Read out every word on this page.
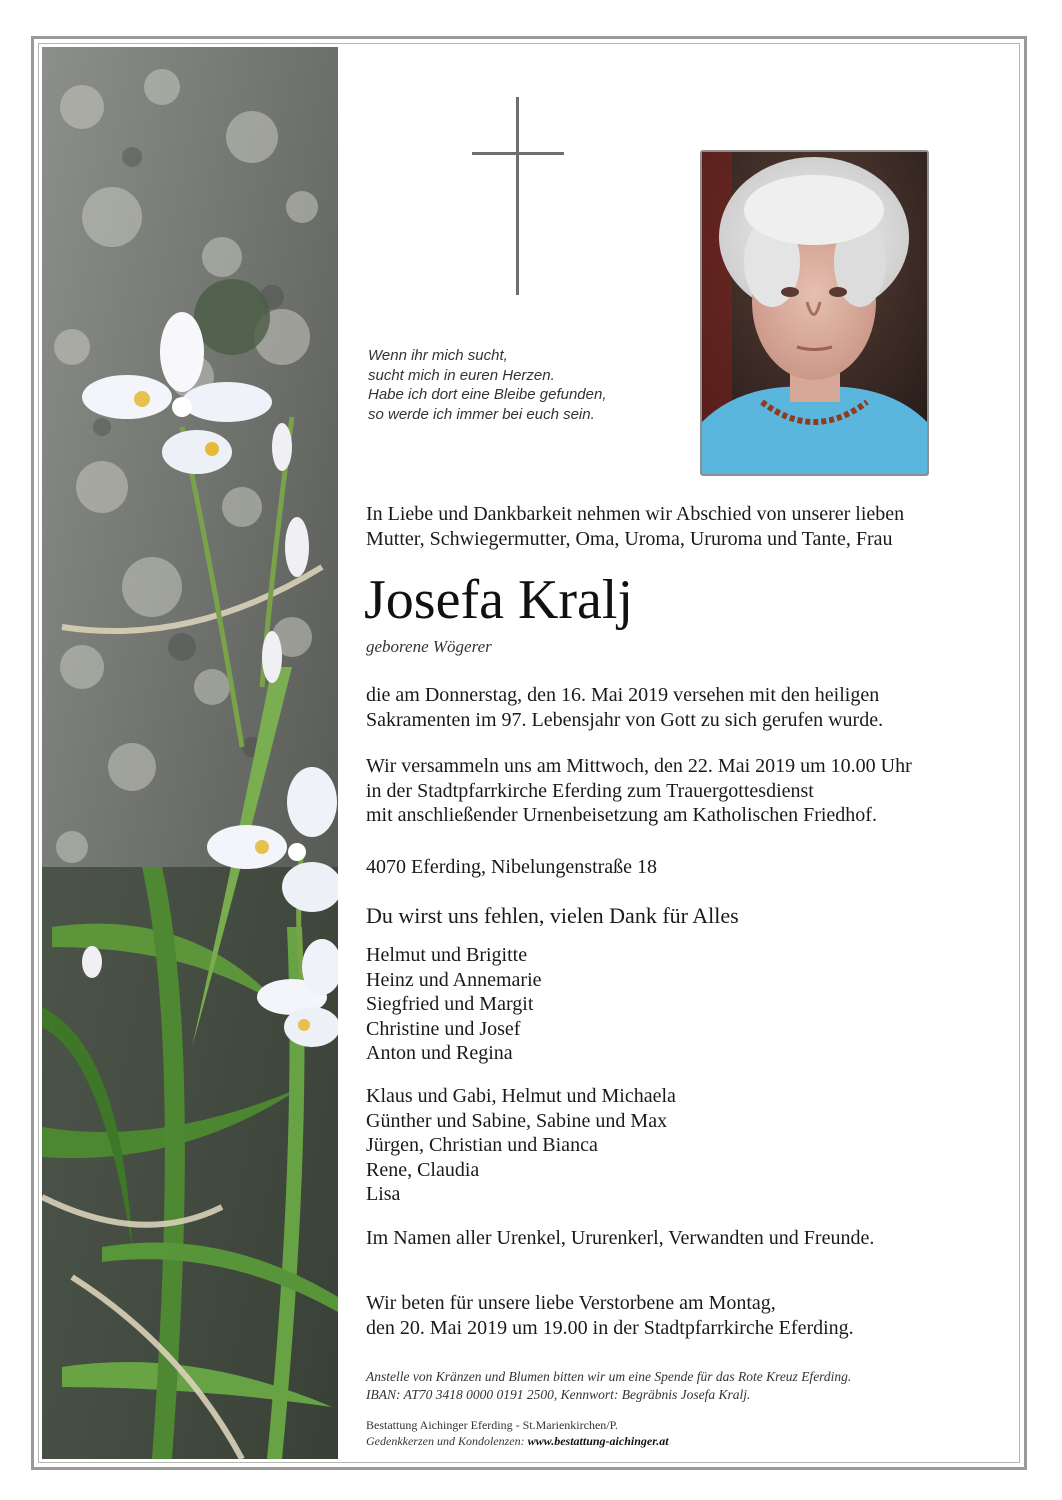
Wenn ihr mich sucht,
sucht mich in euren Herzen.
Habe ich dort eine Bleibe gefunden,
so werde ich immer bei euch sein.
In Liebe und Dankbarkeit nehmen wir Abschied von unserer lieben
Mutter, Schwiegermutter, Oma, Uroma, Ururoma und Tante, Frau
Josefa Kralj
geborene Wögerer
die am Donnerstag, den 16. Mai 2019 versehen mit den heiligen
Sakramenten im 97. Lebensjahr von Gott zu sich gerufen wurde.
Wir versammeln uns am Mittwoch, den 22. Mai 2019 um 10.00 Uhr
in der Stadtpfarrkirche Eferding zum Trauergottesdienst
mit anschließender Urnenbeisetzung am Katholischen Friedhof.
4070 Eferding, Nibelungenstraße 18
Du wirst uns fehlen, vielen Dank für Alles
Helmut und Brigitte
Heinz und Annemarie
Siegfried und Margit
Christine und Josef
Anton und Regina
Klaus und Gabi, Helmut und Michaela
Günther und Sabine, Sabine und Max
Jürgen, Christian und Bianca
Rene, Claudia
Lisa
Im Namen aller Urenkel, Ururenkerl, Verwandten und Freunde.
Wir beten für unsere liebe Verstorbene am Montag,
den 20. Mai 2019 um 19.00 in der Stadtpfarrkirche Eferding.
Anstelle von Kränzen und Blumen bitten wir um eine Spende für das Rote Kreuz Eferding.
IBAN: AT70 3418 0000 0191 2500, Kennwort: Begräbnis Josefa Kralj.
Bestattung Aichinger Eferding - St.Marienkirchen/P.
Gedenkkerzen und Kondolenzen: www.bestattung-aichinger.at
